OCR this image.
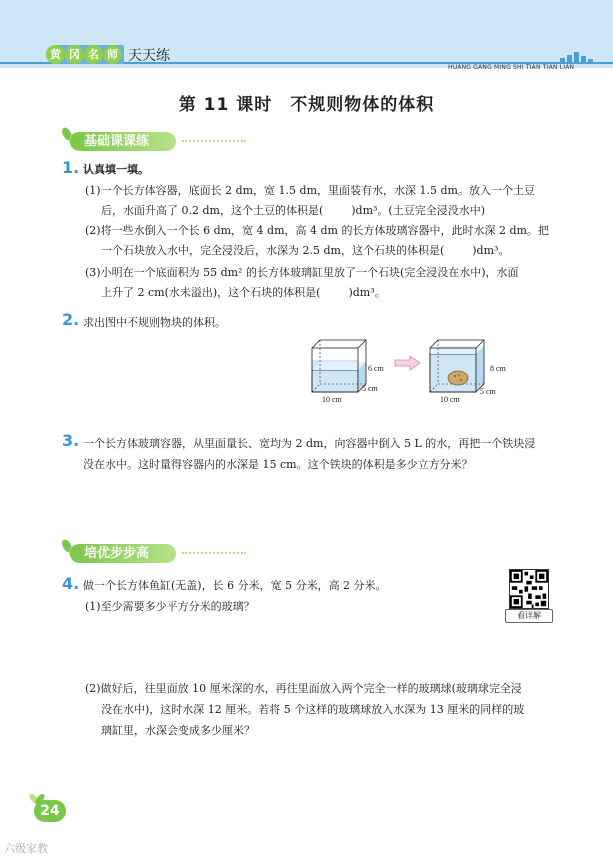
黄 冈 名 师 天天练
HUANG GANG MING SHI TIAN TIAN LIAN
第 11 课时　不规则物体的体积
基础课课练
1. 认真填一填。
(1)一个长方体容器，底面长 2 dm，宽 1.5 dm，里面装有水，水深 1.5 dm。放入一个土豆
后，水面升高了 0.2 dm，这个土豆的体积是(	)dm³。(土豆完全浸没水中)
(2)将一些水倒入一个长 6 dm，宽 4 dm，高 4 dm 的长方体玻璃容器中，此时水深 2 dm。把
一个石块放入水中，完全浸没后，水深为 2.5 dm，这个石块的体积是(	)dm³。
(3)小明在一个底面积为 55 dm² 的长方体玻璃缸里放了一个石块(完全浸没在水中)，水面
上升了 2 cm(水未溢出)，这个石块的体积是(	)dm³。
2. 求出图中不规则物块的体积。
6 cm
5 cm
10 cm
8 cm
5 cm
10 cm
3. 一个长方体玻璃容器，从里面量长、宽均为 2 dm，向容器中倒入 5 L 的水，再把一个铁块浸
没在水中。这时量得容器内的水深是 15 cm。这个铁块的体积是多少立方分米？
培优步步高
4. 做一个长方体鱼缸(无盖)，长 6 分米，宽 5 分米，高 2 分米。
(1)至少需要多少平方分米的玻璃？
看详解
(2)做好后，往里面放 10 厘米深的水，再往里面放入两个完全一样的玻璃球(玻璃球完全浸
没在水中)，这时水深 12 厘米。若将 5 个这样的玻璃球放入水深为 13 厘米的同样的玻
璃缸里，水深会变成多少厘米？
24
六级家教
